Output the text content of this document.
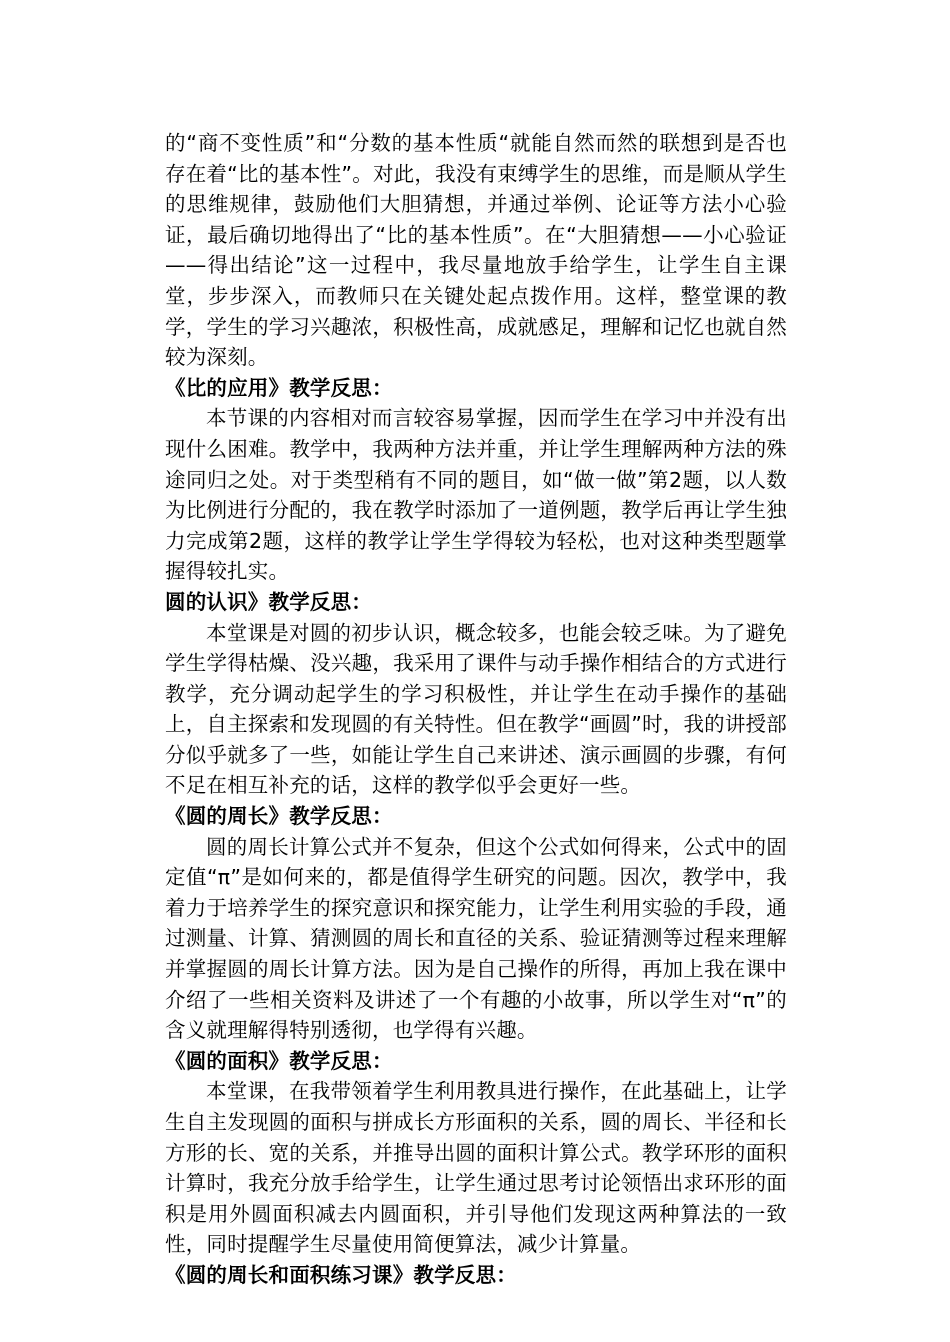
的“商不变性质”和“分数的基本性质“就能自然而然的联想到是否也存在着“比的基本性”。对此，我没有束缚学生的思维，而是顺从学生的思维规律，鼓励他们大胆猜想，并通过举例、论证等方法小心验证，最后确切地得出了“比的基本性质”。在“大胆猜想——小心验证——得出结论”这一过程中，我尽量地放手给学生，让学生自主课堂，步步深入，而教师只在关键处起点拨作用。这样，整堂课的教学，学生的学习兴趣浓，积极性高，成就感足，理解和记忆也就自然较为深刻。

《比的应用》教学反思：

本节课的内容相对而言较容易掌握，因而学生在学习中并没有出现什么困难。教学中，我两种方法并重，并让学生理解两种方法的殊途同归之处。对于类型稍有不同的题目，如“做一做”第2题，以人数为比例进行分配的，我在教学时添加了一道例题，教学后再让学生独力完成第2题，这样的教学让学生学得较为轻松，也对这种类型题掌握得较扎实。

圆的认识》教学反思：

本堂课是对圆的初步认识，概念较多，也能会较乏味。为了避免学生学得枯燥、没兴趣，我采用了课件与动手操作相结合的方式进行教学，充分调动起学生的学习积极性，并让学生在动手操作的基础上，自主探索和发现圆的有关特性。但在教学“画圆”时，我的讲授部分似乎就多了一些，如能让学生自己来讲述、演示画圆的步骤，有何不足在相互补充的话，这样的教学似乎会更好一些。

《圆的周长》教学反思：

圆的周长计算公式并不复杂，但这个公式如何得来，公式中的固定值“π”是如何来的，都是值得学生研究的问题。因次，教学中，我着力于培养学生的探究意识和探究能力，让学生利用实验的手段，通过测量、计算、猜测圆的周长和直径的关系、验证猜测等过程来理解并掌握圆的周长计算方法。因为是自己操作的所得，再加上我在课中介绍了一些相关资料及讲述了一个有趣的小故事，所以学生对“π”的含义就理解得特别透彻，也学得有兴趣。

《圆的面积》教学反思：

本堂课，在我带领着学生利用教具进行操作，在此基础上，让学生自主发现圆的面积与拼成长方形面积的关系，圆的周长、半径和长方形的长、宽的关系，并推导出圆的面积计算公式。教学环形的面积计算时，我充分放手给学生，让学生通过思考讨论领悟出求环形的面积是用外圆面积减去内圆面积，并引导他们发现这两种算法的一致性，同时提醒学生尽量使用简便算法，减少计算量。

《圆的周长和面积练习课》教学反思：
